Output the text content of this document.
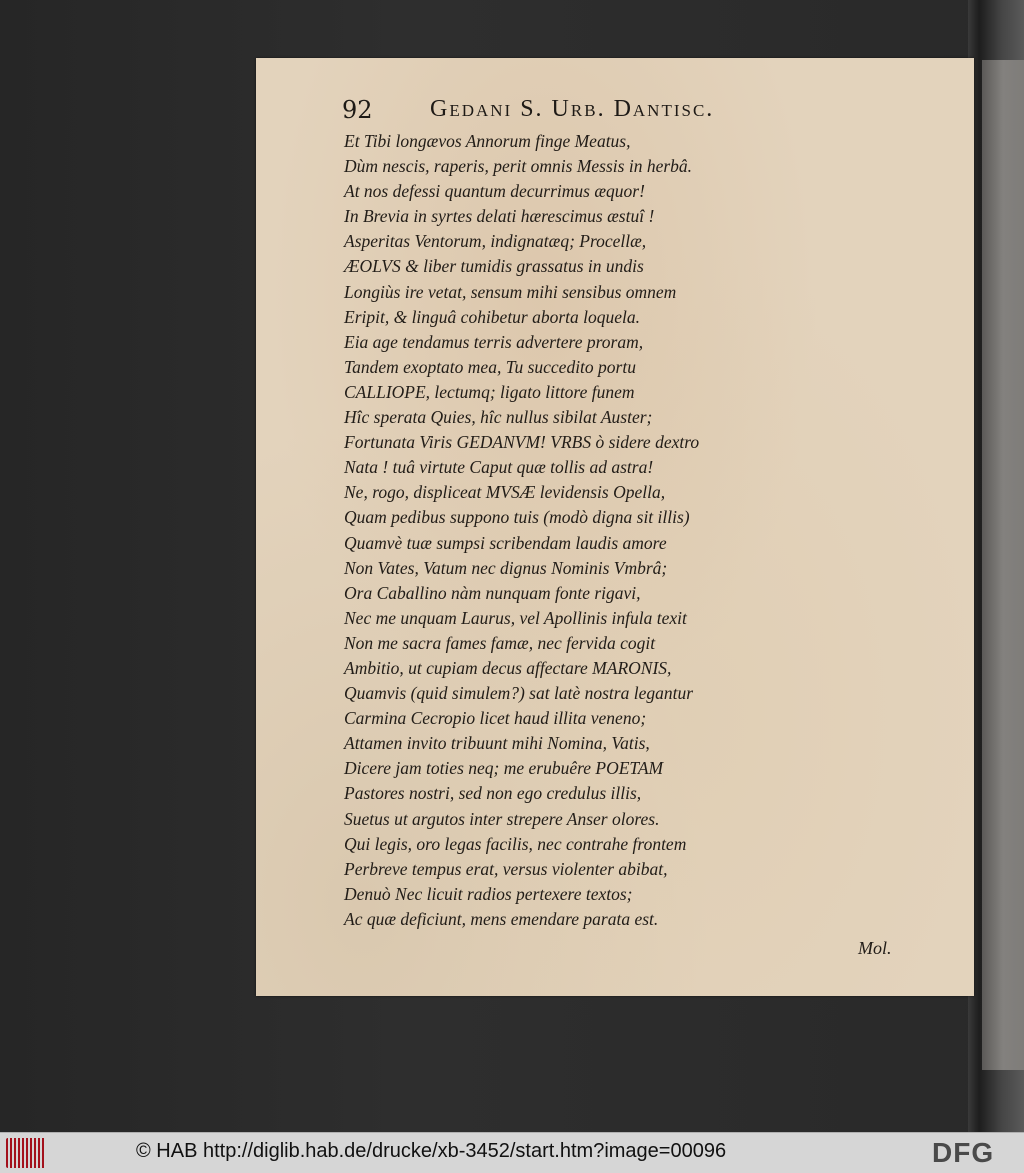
92 Gedani S. Urb. Dantisc.
Et Tibi longævos Annorum finge Meatus,
Dùm nescis, raperis, perit omnis Messis in herbâ.
At nos defessi quantum decurrimus æquor!
In Brevia in syrtes delati hærescimus æstuî !
Asperitas Ventorum, indignatæq; Procellæ,
ÆOLVS & liber tumidis grassatus in undis
Longiùs ire vetat, sensum mihi sensibus omnem
Eripit, & linguâ cohibetur aborta loquela.
Eia age tendamus terris advertere proram,
Tandem exoptato mea, Tu succedito portu
CALLIOPE, lectumq; ligato littore funem
Hîc sperata Quies, hîc nullus sibilat Auster;
Fortunata Viris GEDANVM! VRBS ò sidere dextro
Nata ! tuâ virtute Caput quæ tollis ad astra!
Ne, rogo, displiceat MVSÆ levidensis Opella,
Quam pedibus suppono tuis (modò digna sit illis)
Quamvè tuæ sumpsi scribendam laudis amore
Non Vates, Vatum nec dignus Nominis Vmbrâ;
Ora Caballino nàm nunquam fonte rigavi,
Nec me unquam Laurus, vel Apollinis infula texit
Non me sacra fames famæ, nec fervida cogit
Ambitio, ut cupiam decus affectare MARONIS,
Quamvis (quid simulem?) sat latè nostra legantur
Carmina Cecropio licet haud illita veneno;
Attamen invito tribuunt mihi Nomina, Vatis,
Dicere jam toties neq; me erubuêre POETAM
Pastores nostri, sed non ego credulus illis,
Suetus ut argutos inter strepere Anser olores.
Qui legis, oro legas facilis, nec contrahe frontem
Perbreve tempus erat, versus violenter abibat,
Denuò Nec licuit radios pertexere textos;
Ac quæ deficiunt, mens emendare parata est.
Mol.
© HAB http://diglib.hab.de/drucke/xb-3452/start.htm?image=00096	DFG
